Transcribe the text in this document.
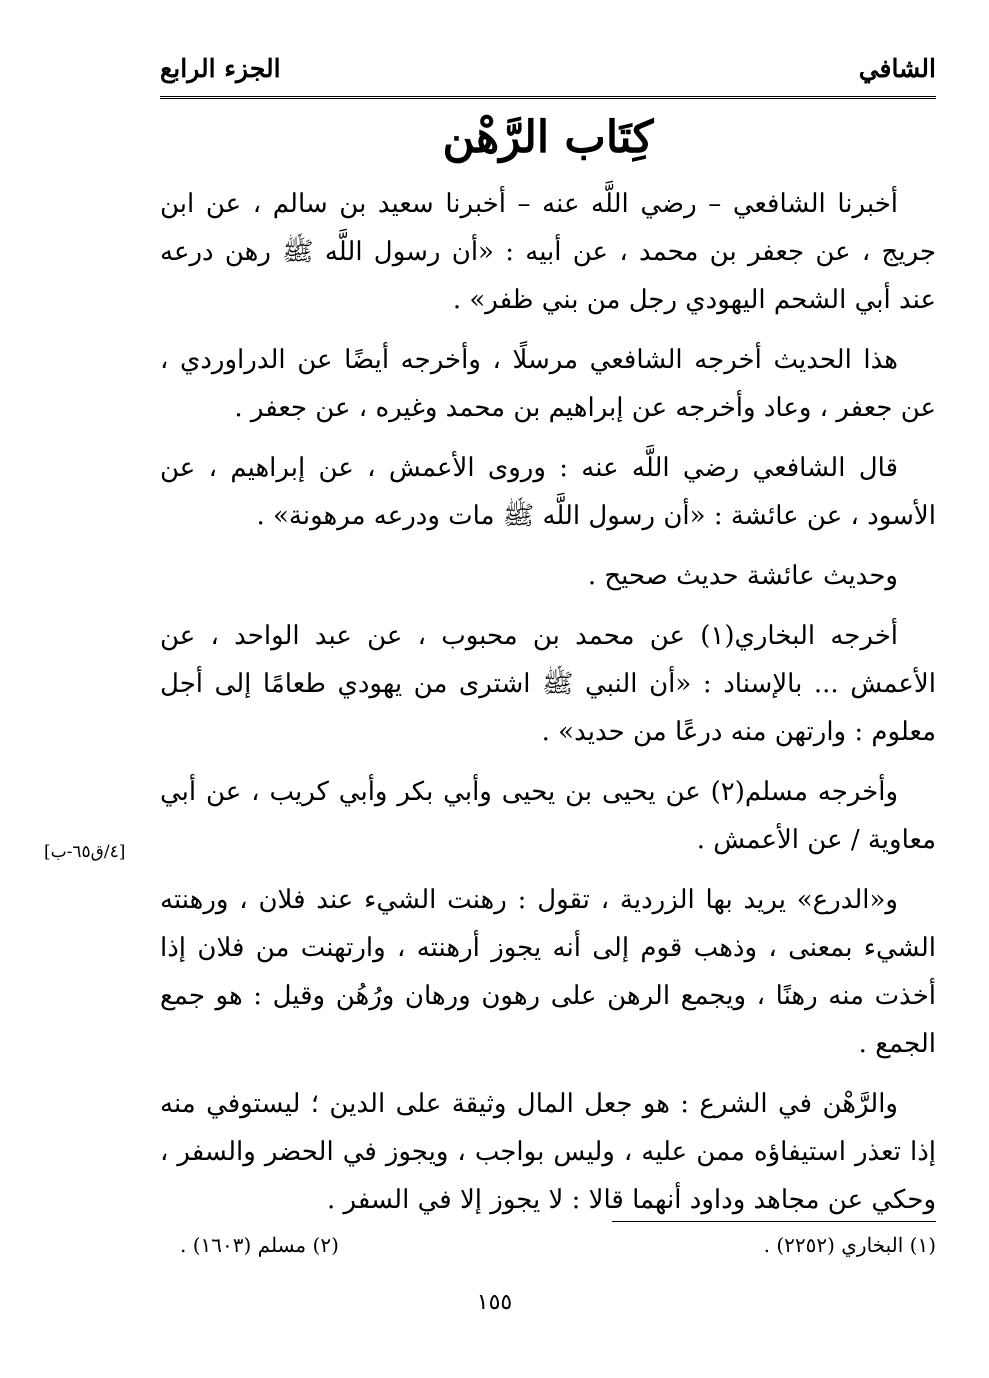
الشافي
الجزء الرابع
كِتَاب الرَّهْن

أخبرنا الشافعي – رضي اللَّه عنه – أخبرنا سعيد بن سالم ، عن ابن جريج ، عن جعفر بن محمد ، عن أبيه : «أن رسول اللَّه ﷺ رهن درعه عند أبي الشحم اليهودي رجل من بني ظفر» .

هذا الحديث أخرجه الشافعي مرسلًا ، وأخرجه أيضًا عن الدراوردي ، عن جعفر ، وعاد وأخرجه عن إبراهيم بن محمد وغيره ، عن جعفر .

قال الشافعي رضي اللَّه عنه : وروى الأعمش ، عن إبراهيم ، عن الأسود ، عن عائشة : «أن رسول اللَّه ﷺ مات ودرعه مرهونة» .

وحديث عائشة حديث صحيح .

أخرجه البخاري(١) عن محمد بن محبوب ، عن عبد الواحد ، عن الأعمش ... بالإسناد : «أن النبي ﷺ اشترى من يهودي طعامًا إلى أجل معلوم : وارتهن منه درعًا من حديد» .

وأخرجه مسلم(٢) عن يحيى بن يحيى وأبي بكر وأبي كريب ، عن أبي معاوية / عن الأعمش .

و«الدرع» يريد بها الزردية ، تقول : رهنت الشيء عند فلان ، ورهنته الشيء بمعنى ، وذهب قوم إلى أنه يجوز أرهنته ، وارتهنت من فلان إذا أخذت منه رهنًا ، ويجمع الرهن على رهون ورهان ورُهُن وقيل : هو جمع الجمع .

والرَّهْن في الشرع : هو جعل المال وثيقة على الدين ؛ ليستوفي منه إذا تعذر استيفاؤه ممن عليه ، وليس بواجب ، ويجوز في الحضر والسفر ، وحكي عن مجاهد وداود أنهما قالا : لا يجوز إلا في السفر .

[٤/ق٦٥-ب]
(١) البخاري (٢٢٥٢) .
(٢) مسلم (١٦٠٣) .
١٥٥
